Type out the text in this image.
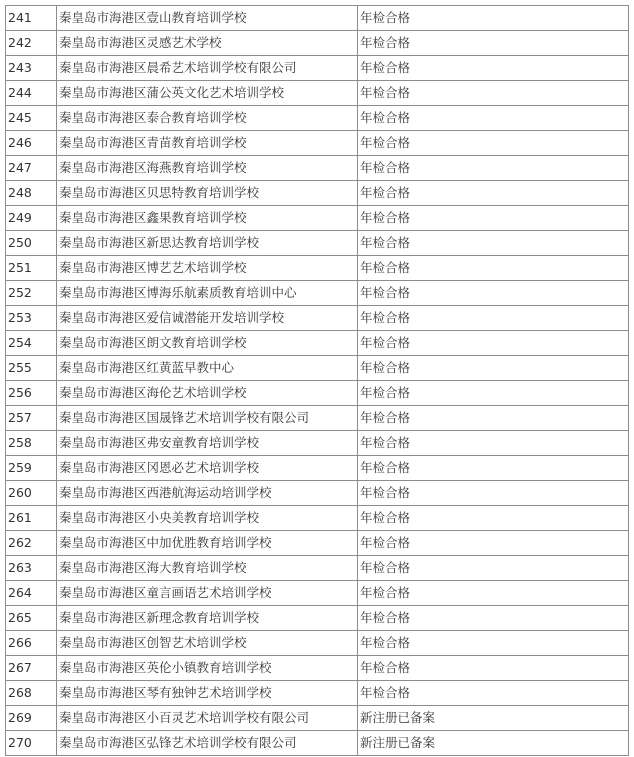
241	秦皇岛市海港区壹山教育培训学校	年检合格
242	秦皇岛市海港区灵感艺术学校	年检合格
243	秦皇岛市海港区晨希艺术培训学校有限公司	年检合格
244	秦皇岛市海港区蒲公英文化艺术培训学校	年检合格
245	秦皇岛市海港区泰合教育培训学校	年检合格
246	秦皇岛市海港区青苗教育培训学校	年检合格
247	秦皇岛市海港区海燕教育培训学校	年检合格
248	秦皇岛市海港区贝思特教育培训学校	年检合格
249	秦皇岛市海港区鑫果教育培训学校	年检合格
250	秦皇岛市海港区新思达教育培训学校	年检合格
251	秦皇岛市海港区博艺艺术培训学校	年检合格
252	秦皇岛市海港区博海乐航素质教育培训中心	年检合格
253	秦皇岛市海港区爱信诚潜能开发培训学校	年检合格
254	秦皇岛市海港区朗文教育培训学校	年检合格
255	秦皇岛市海港区红黄蓝早教中心	年检合格
256	秦皇岛市海港区海伦艺术培训学校	年检合格
257	秦皇岛市海港区国晟锋艺术培训学校有限公司	年检合格
258	秦皇岛市海港区弗安童教育培训学校	年检合格
259	秦皇岛市海港区冈恩必艺术培训学校	年检合格
260	秦皇岛市海港区西港航海运动培训学校	年检合格
261	秦皇岛市海港区小央美教育培训学校	年检合格
262	秦皇岛市海港区中加优胜教育培训学校	年检合格
263	秦皇岛市海港区海大教育培训学校	年检合格
264	秦皇岛市海港区童言画语艺术培训学校	年检合格
265	秦皇岛市海港区新理念教育培训学校	年检合格
266	秦皇岛市海港区创智艺术培训学校	年检合格
267	秦皇岛市海港区英伦小镇教育培训学校	年检合格
268	秦皇岛市海港区琴有独钟艺术培训学校	年检合格
269	秦皇岛市海港区小百灵艺术培训学校有限公司	新注册已备案
270	秦皇岛市海港区弘锋艺术培训学校有限公司	新注册已备案
